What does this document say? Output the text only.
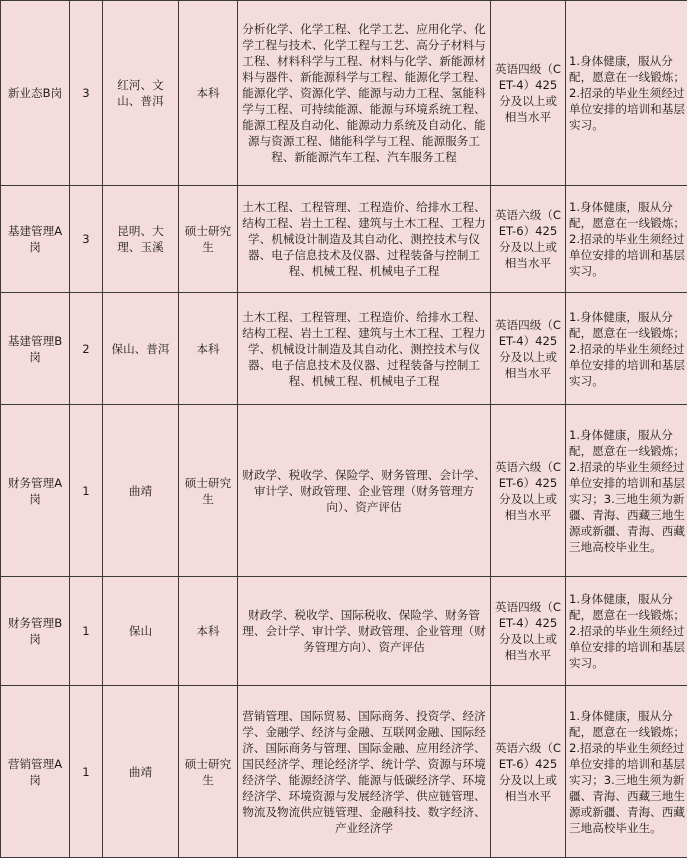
新业态B岗	3	红河、文山、普洱	本科	分析化学、化学工程、化学工艺、应用化学、化学工程与技术、化学工程与工艺、高分子材料与工程、材料科学与工程、材料与化学、新能源材料与器件、新能源科学与工程、能源化学工程、能源化学、资源化学、能源与动力工程、氢能科学与工程、可持续能源、能源与环境系统工程、能源工程及自动化、能源动力系统及自动化、能源与资源工程、储能科学与工程、能源服务工程、新能源汽车工程、汽车服务工程	英语四级（CET-4）425分及以上或相当水平	1.身体健康，服从分配，愿意在一线锻炼；2.招录的毕业生须经过单位安排的培训和基层实习。
基建管理A岗	3	昆明、大理、玉溪	硕士研究生	土木工程、工程管理、工程造价、给排水工程、结构工程、岩土工程、建筑与土木工程、工程力学、机械设计制造及其自动化、测控技术与仪器、电子信息技术及仪器、过程装备与控制工程、机械工程、机械电子工程	英语六级（CET-6）425分及以上或相当水平	1.身体健康，服从分配，愿意在一线锻炼；2.招录的毕业生须经过单位安排的培训和基层实习。
基建管理B岗	2	保山、普洱	本科	土木工程、工程管理、工程造价、给排水工程、结构工程、岩土工程、建筑与土木工程、工程力学、机械设计制造及其自动化、测控技术与仪器、电子信息技术及仪器、过程装备与控制工程、机械工程、机械电子工程	英语四级（CET-4）425分及以上或相当水平	1.身体健康，服从分配，愿意在一线锻炼；2.招录的毕业生须经过单位安排的培训和基层实习。
财务管理A岗	1	曲靖	硕士研究生	财政学、税收学、保险学、财务管理、会计学、审计学、财政管理、企业管理（财务管理方向）、资产评估	英语六级（CET-6）425分及以上或相当水平	1.身体健康，服从分配，愿意在一线锻炼；2.招录的毕业生须经过单位安排的培训和基层实习；3.三地生须为新疆、青海、西藏三地生源或新疆、青海、西藏三地高校毕业生。
财务管理B岗	1	保山	本科	财政学、税收学、国际税收、保险学、财务管理、会计学、审计学、财政管理、企业管理（财务管理方向）、资产评估	英语四级（CET-4）425分及以上或相当水平	1.身体健康，服从分配，愿意在一线锻炼；2.招录的毕业生须经过单位安排的培训和基层实习。
营销管理A岗	1	曲靖	硕士研究生	营销管理、国际贸易、国际商务、投资学、经济学、金融学、经济与金融、互联网金融、国际经济、国际商务与管理、国际金融、应用经济学、国民经济学、理论经济学、统计学、资源与环境经济学、能源经济学、能源与低碳经济学、环境经济学、环境资源与发展经济学、供应链管理、物流及物流供应链管理、金融科技、数字经济、产业经济学	英语六级（CET-6）425分及以上或相当水平	1.身体健康，服从分配，愿意在一线锻炼；2.招录的毕业生须经过单位安排的培训和基层实习；3.三地生须为新疆、青海、西藏三地生源或新疆、青海、西藏三地高校毕业生。
